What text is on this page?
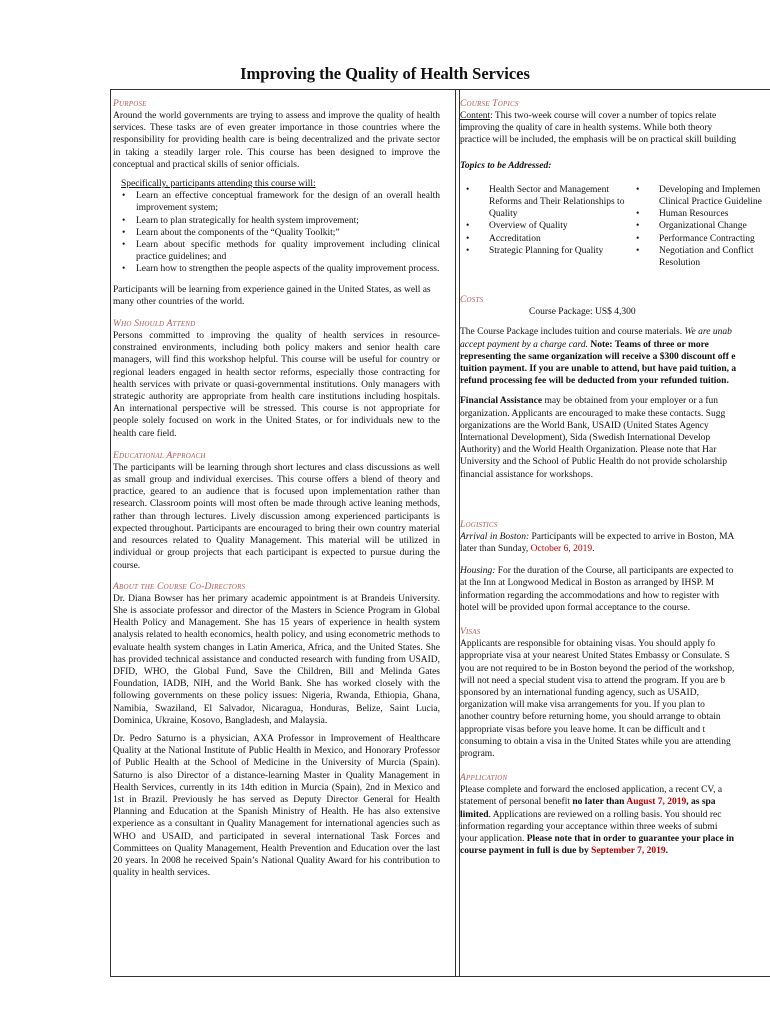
Improving the Quality of Health Services

Purpose

Around the world governments are trying to assess and improve the quality of health services. These tasks are of even greater importance in those countries where the responsibility for providing health care is being decentralized and the private sector in taking a steadily larger role. This course has been designed to improve the conceptual and practical skills of senior officials.

Specifically, participants attending this course will:

• Learn an effective conceptual framework for the design of an overall health improvement system;
• Learn to plan strategically for health system improvement;
• Learn about the components of the “Quality Toolkit;”
• Learn about specific methods for quality improvement including clinical practice guidelines; and
• Learn how to strengthen the people aspects of the quality improvement process.

Participants will be learning from experience gained in the United States, as well as many other countries of the world.

Who Should Attend

Persons committed to improving the quality of health services in resource-constrained environments, including both policy makers and senior health care managers, will find this workshop helpful. This course will be useful for country or regional leaders engaged in health sector reforms, especially those contracting for health services with private or quasi-governmental institutions. Only managers with strategic authority are appropriate from health care institutions including hospitals. An international perspective will be stressed. This course is not appropriate for people solely focused on work in the United States, or for individuals new to the health care field.

Educational Approach

The participants will be learning through short lectures and class discussions as well as small group and individual exercises. This course offers a blend of theory and practice, geared to an audience that is focused upon implementation rather than research. Classroom points will most often be made through active leaning methods, rather than through lectures. Lively discussion among experienced participants is expected throughout. Participants are encouraged to bring their own country material and resources related to Quality Management. This material will be utilized in individual or group projects that each participant is expected to pursue during the course.

About the Course Co-Directors

Dr. Diana Bowser has her primary academic appointment is at Brandeis University. She is associate professor and director of the Masters in Science Program in Global Health Policy and Management. She has 15 years of experience in health system analysis related to health economics, health policy, and using econometric methods to evaluate health system changes in Latin America, Africa, and the United States. She has provided technical assistance and conducted research with funding from USAID, DFID, WHO, the Global Fund, Save the Children, Bill and Melinda Gates Foundation, IADB, NIH, and the World Bank. She has worked closely with the following governments on these policy issues: Nigeria, Rwanda, Ethiopia, Ghana, Namibia, Swaziland, El Salvador, Nicaragua, Honduras, Belize, Saint Lucia, Dominica, Ukraine, Kosovo, Bangladesh, and Malaysia.

Dr. Pedro Saturno is a physician, AXA Professor in Improvement of Healthcare Quality at the National Institute of Public Health in Mexico, and Honorary Professor of Public Health at the School of Medicine in the University of Murcia (Spain). Saturno is also Director of a distance-learning Master in Quality Management in Health Services, currently in its 14th edition in Murcia (Spain), 2nd in Mexico and 1st in Brazil. Previously he has served as Deputy Director General for Health Planning and Education at the Spanish Ministry of Health. He has also extensive experience as a consultant in Quality Management for international agencies such as WHO and USAID, and participated in several international Task Forces and Committees on Quality Management, Health Prevention and Education over the last 20 years. In 2008 he received Spain’s National Quality Award for his contribution to quality in health services.

Course Topics

Content: This two-week course will cover a number of topics relate

improving the quality of care in health systems. While both theory

practice will be included, the emphasis will be on practical skill building

Topics to be Addressed:

• Health Sector and Management Reforms and Their Relationships to Quality
• Overview of Quality
• Accreditation
• Strategic Planning for Quality
• Developing and Implemen Clinical Practice Guideline
• Human Resources
• Organizational Change
• Performance Contracting
• Negotiation and Conflict Resolution

Costs

Course Package: US$ 4,300

The Course Package includes tuition and course materials. We are unab

accept payment by a charge card. Note: Teams of three or more

representing the same organization will receive a $300 discount off e

tuition payment. If you are unable to attend, but have paid tuition, a

refund processing fee will be deducted from your refunded tuition.

Financial Assistance may be obtained from your employer or a fun

organization. Applicants are encouraged to make these contacts. Sugg

organizations are the World Bank, USAID (United States Agency

International Development), Sida (Swedish International Develop

Authority) and the World Health Organization. Please note that Har

University and the School of Public Health do not provide scholarship

financial assistance for workshops.

Logistics

Arrival in Boston: Participants will be expected to arrive in Boston, MA

later than Sunday, October 6, 2019.

Housing: For the duration of the Course, all participants are expected to

at the Inn at Longwood Medical in Boston as arranged by IHSP. M

information regarding the accommodations and how to register with

hotel will be provided upon formal acceptance to the course.

Visas

Applicants are responsible for obtaining visas. You should apply fo

appropriate visa at your nearest United States Embassy or Consulate. S

you are not required to be in Boston beyond the period of the workshop,

will not need a special student visa to attend the program. If you are b

sponsored by an international funding agency, such as USAID,

organization will make visa arrangements for you. If you plan to

another country before returning home, you should arrange to obtain

appropriate visas before you leave home. It can be difficult and t

consuming to obtain a visa in the United States while you are attending

program.

Application

Please complete and forward the enclosed application, a recent CV, a

statement of personal benefit no later than August 7, 2019, as spa

limited. Applications are reviewed on a rolling basis. You should rec

information regarding your acceptance within three weeks of submi

your application. Please note that in order to guarantee your place in

course payment in full is due by September 7, 2019.
